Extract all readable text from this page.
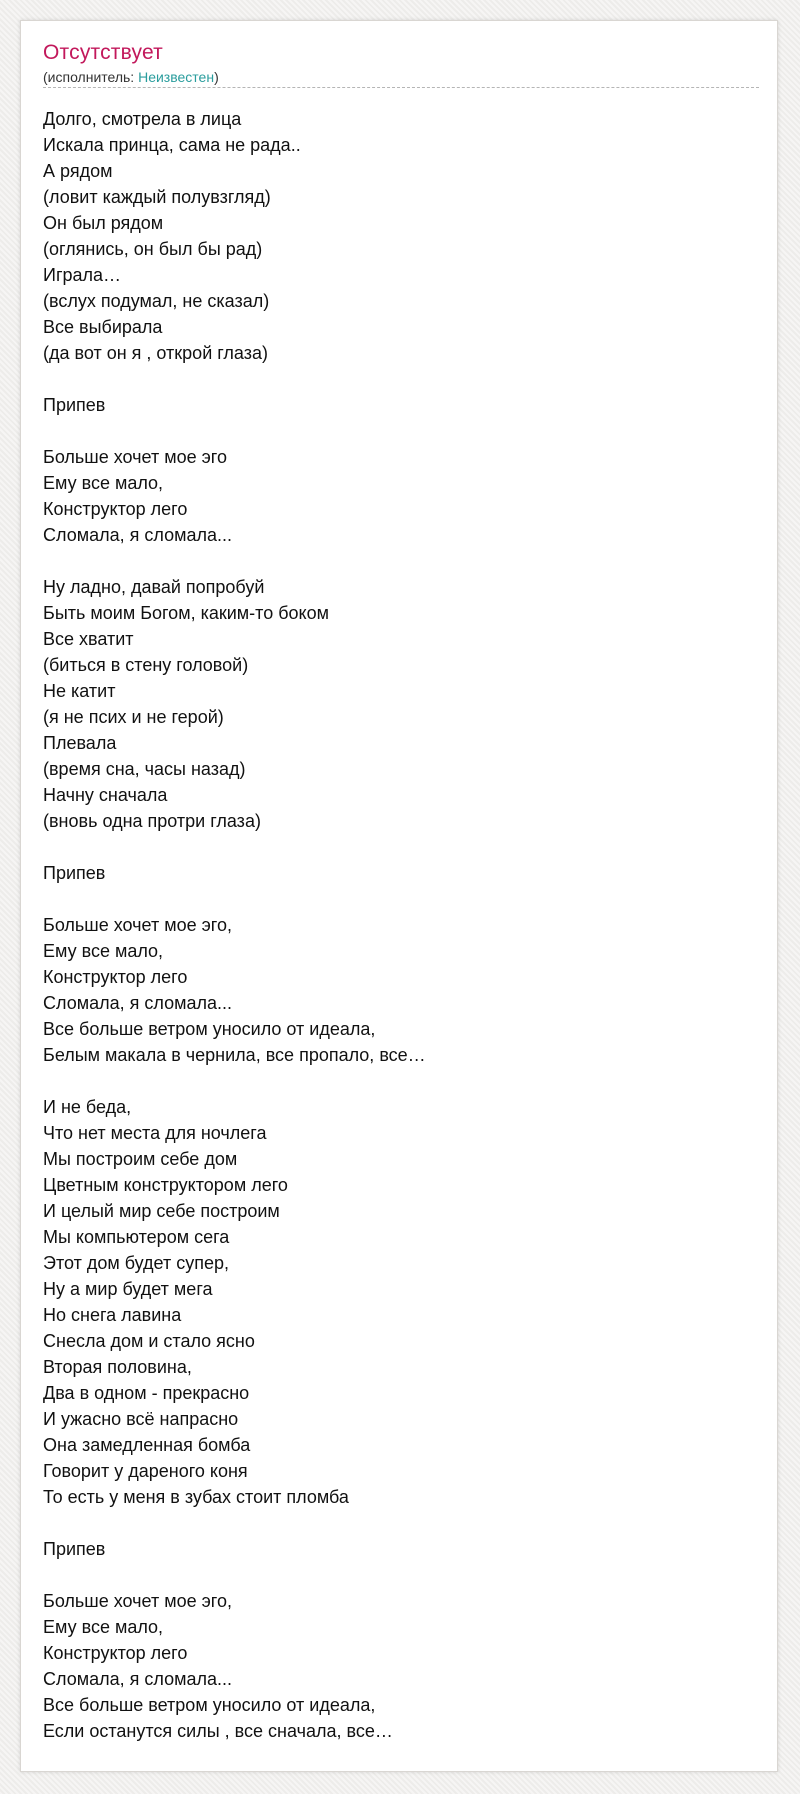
Отсутствует
(исполнитель: Неизвестен)
Долго, смотрела в лица
Искала принца, сама не рада..
А рядом
(ловит каждый полувзгляд)
Он был рядом
(оглянись, он был бы рад)
Играла…
(вслух подумал, не сказал)
Все выбирала
(да вот он я , открой глаза)
Припев
Больше хочет мое эго
Ему все мало,
Конструктор лего
Сломала, я сломала...
Ну ладно, давай попробуй
Быть моим Богом, каким-то боком
Все хватит
(биться в стену головой)
Не катит
(я не псих и не герой)
Плевала
(время сна, часы назад)
Начну сначала
(вновь одна протри глаза)
Припев
Больше хочет мое эго,
Ему все мало,
Конструктор лего
Сломала, я сломала...
Все больше ветром уносило от идеала,
Белым макала в чернила, все пропало, все…
И не беда,
Что нет места для ночлега
Мы построим себе дом
Цветным конструктором лего
И целый мир себе построим
Мы компьютером сега
Этот дом будет супер,
Ну а мир будет мега
Но снега лавина
Снесла дом и стало ясно
Вторая половина,
Два в одном - прекрасно
И ужасно всё напрасно
Она замедленная бомба
Говорит у дареного коня
То есть у меня в зубах стоит пломба
Припев
Больше хочет мое эго,
Ему все мало,
Конструктор лего
Сломала, я сломала...
Все больше ветром уносило от идеала,
Если останутся силы , все сначала, все…
